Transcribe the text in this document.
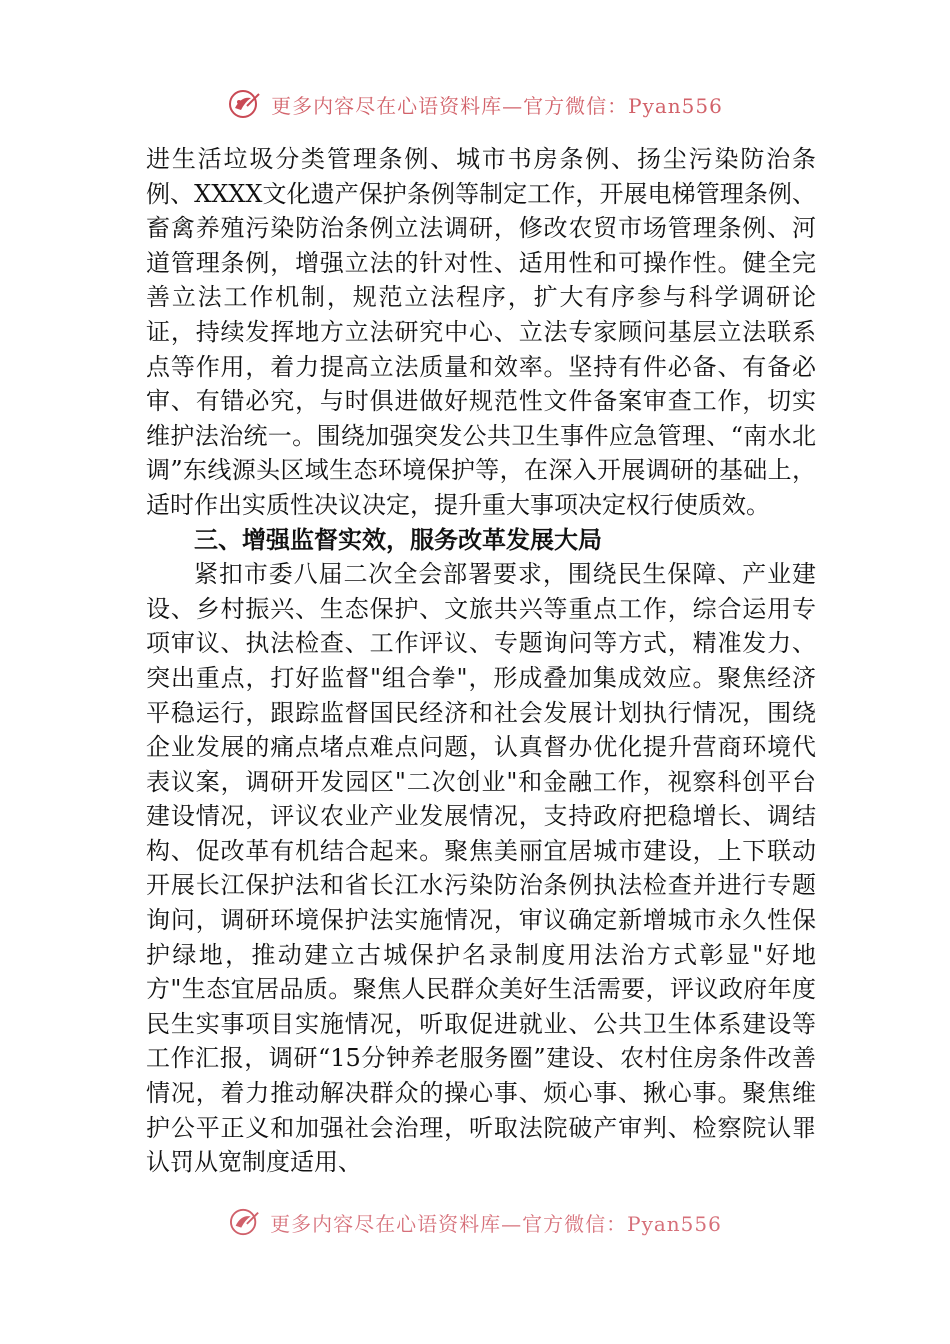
更多内容尽在心语资料库—官方微信：Pyan556

进生活垃圾分类管理条例、城市书房条例、扬尘污染防治条例、XXXX文化遗产保护条例等制定工作，开展电梯管理条例、畜禽养殖污染防治条例立法调研，修改农贸市场管理条例、河道管理条例，增强立法的针对性、适用性和可操作性。健全完善立法工作机制，规范立法程序，扩大有序参与科学调研论证，持续发挥地方立法研究中心、立法专家顾问基层立法联系点等作用，着力提高立法质量和效率。坚持有件必备、有备必审、有错必究，与时俱进做好规范性文件备案审查工作，切实维护法治统一。围绕加强突发公共卫生事件应急管理、“南水北调”东线源头区域生态环境保护等，在深入开展调研的基础上，适时作出实质性决议决定，提升重大事项决定权行使质效。

三、增强监督实效，服务改革发展大局

紧扣市委八届二次全会部署要求，围绕民生保障、产业建设、乡村振兴、生态保护、文旅共兴等重点工作，综合运用专项审议、执法检查、工作评议、专题询问等方式，精准发力、突出重点，打好监督"组合拳"，形成叠加集成效应。聚焦经济平稳运行，跟踪监督国民经济和社会发展计划执行情况，围绕企业发展的痛点堵点难点问题，认真督办优化提升营商环境代表议案，调研开发园区"二次创业"和金融工作，视察科创平台建设情况，评议农业产业发展情况，支持政府把稳增长、调结构、促改革有机结合起来。聚焦美丽宜居城市建设，上下联动开展长江保护法和省长江水污染防治条例执法检查并进行专题询问，调研环境保护法实施情况，审议确定新增城市永久性保护绿地，推动建立古城保护名录制度用法治方式彰显"好地方"生态宜居品质。聚焦人民群众美好生活需要，评议政府年度民生实事项目实施情况，听取促进就业、公共卫生体系建设等工作汇报，调研“15分钟养老服务圈”建设、农村住房条件改善情况，着力推动解决群众的操心事、烦心事、揪心事。聚焦维护公平正义和加强社会治理，听取法院破产审判、检察院认罪认罚从宽制度适用、

更多内容尽在心语资料库—官方微信：Pyan556
